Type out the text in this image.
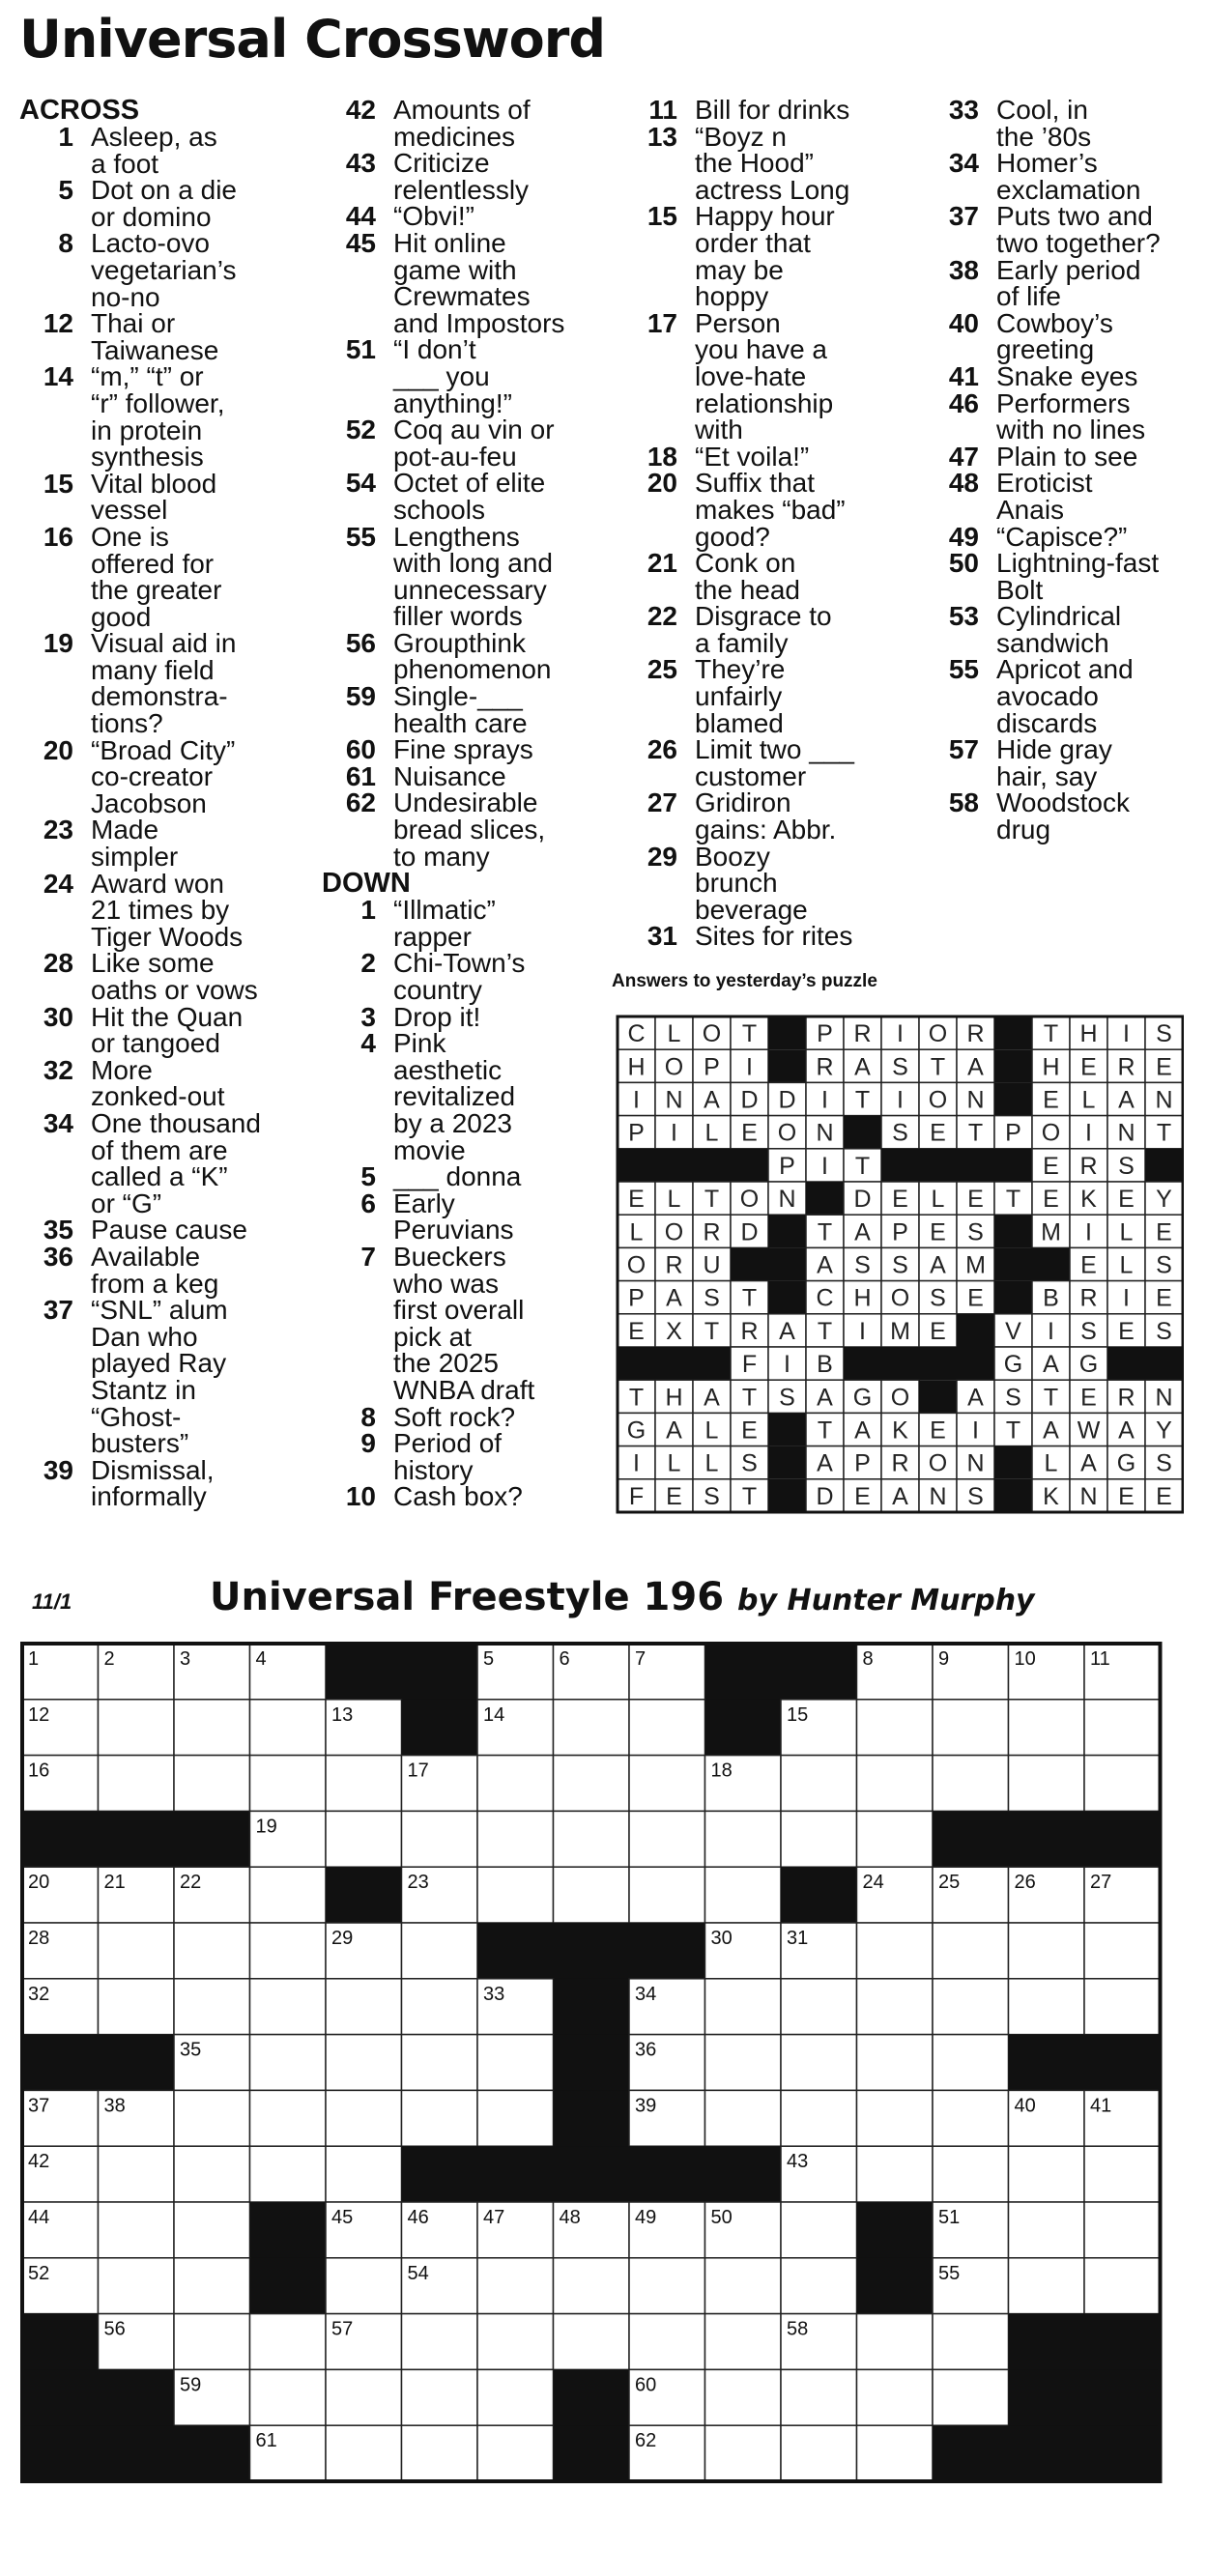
Universal Crossword
ACROSS
1 Asleep, as
a foot
5 Dot on a die
or domino
8 Lacto-ovo
vegetarian’s
no-no
12 Thai or
Taiwanese
14 “m,” “t” or
“r” follower,
in protein
synthesis
15 Vital blood
vessel
16 One is
offered for
the greater
good
19 Visual aid in
many field
demonstra-
tions?
20 “Broad City”
co-creator
Jacobson
23 Made
simpler
24 Award won
21 times by
Tiger Woods
28 Like some
oaths or vows
30 Hit the Quan
or tangoed
32 More
zonked-out
34 One thousand
of them are
called a “K”
or “G”
35 Pause cause
36 Available
from a keg
37 “SNL” alum
Dan who
played Ray
Stantz in
“Ghost-
busters”
39 Dismissal,
informally
42 Amounts of
medicines
43 Criticize
relentlessly
44 “Obvi!”
45 Hit online
game with
Crewmates
and Impostors
51 “I don’t
___ you
anything!”
52 Coq au vin or
pot-au-feu
54 Octet of elite
schools
55 Lengthens
with long and
unnecessary
filler words
56 Groupthink
phenomenon
59 Single-___
health care
60 Fine sprays
61 Nuisance
62 Undesirable
bread slices,
to many
DOWN
1 “Illmatic”
rapper
2 Chi-Town’s
country
3 Drop it!
4 Pink
aesthetic
revitalized
by a 2023
movie
5 ___ donna
6 Early
Peruvians
7 Bueckers
who was
first overall
pick at
the 2025
WNBA draft
8 Soft rock?
9 Period of
history
10 Cash box?
11 Bill for drinks
13 “Boyz n
the Hood”
actress Long
15 Happy hour
order that
may be
hoppy
17 Person
you have a
love-hate
relationship
with
18 “Et voila!”
20 Suffix that
makes “bad”
good?
21 Conk on
the head
22 Disgrace to
a family
25 They’re
unfairly
blamed
26 Limit two ___
customer
27 Gridiron
gains: Abbr.
29 Boozy
brunch
beverage
31 Sites for rites
33 Cool, in
the ’80s
34 Homer’s
exclamation
37 Puts two and
two together?
38 Early period
of life
40 Cowboy’s
greeting
41 Snake eyes
46 Performers
with no lines
47 Plain to see
48 Eroticist
Anais
49 “Capisce?”
50 Lightning-fast
Bolt
53 Cylindrical
sandwich
55 Apricot and
avocado
discards
57 Hide gray
hair, say
58 Woodstock
drug
Answers to yesterday’s puzzle
C L O T P R I O R T H I S
H O P I	R A S T A H E R E
I N A D D I T I O N E L A N
P I L E O N S E T P O I N T
P I T	E R S
E L T O N D E L E T E K E Y
L O R D T A P E S M I L E
O R U	A S S A M	E L S
P A S T C H O S E B R I E
E X T R A T I M E V I S E S
F I B	G A G
T H A T S A G O A S T E R N
G A L E T A K E I T A W A Y
I L L S A P R O N L A G S
F E S T D E A N S K N E E
11/1	Universal Freestyle 196 by Hunter Murphy
1	2	3	4	5	6	7	8	9	10	11
12	13	14	15
16	17	18
19
20	21	22	23	24	25	26	27
28	29	30	31
32	33	34
35	36
37	38	39	40	41
42	43
44	45	46	47	48	49	50	51
52	54	55
56	57	58
59	60
61	62
